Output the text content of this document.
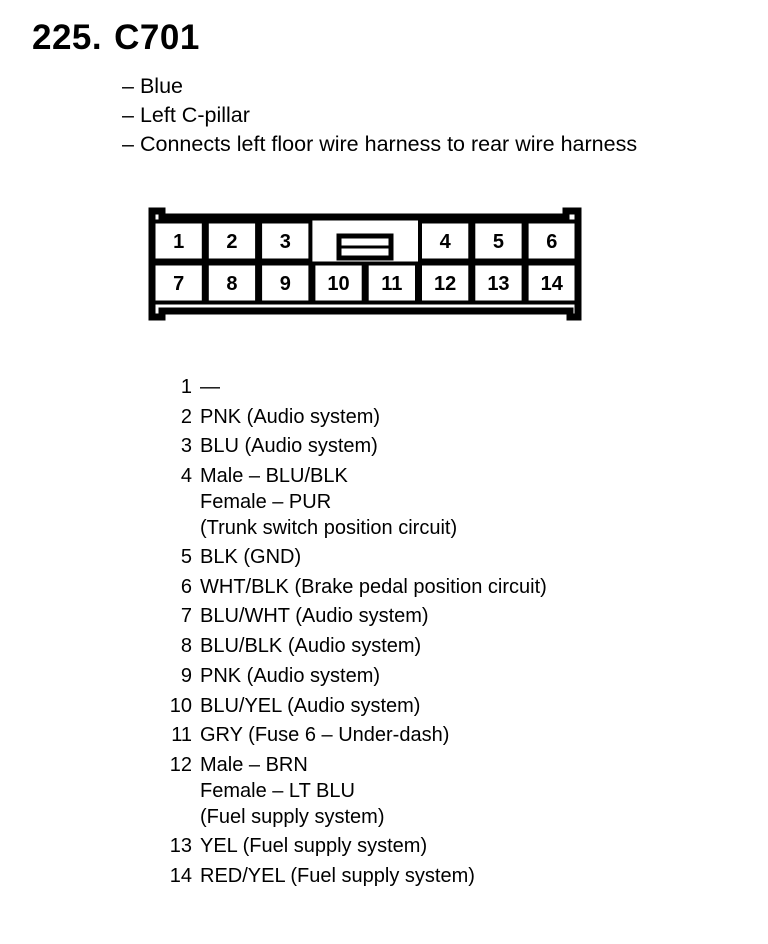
225. C701
– Blue
– Left C-pillar
– Connects left floor wire harness to rear wire harness
1 2 3	4 5 6
7 8 9 10 11 12 13 14
1 —
2 PNK (Audio system)
3 BLU (Audio system)
4 Male – BLU/BLK
Female – PUR
(Trunk switch position circuit)
5 BLK (GND)
6 WHT/BLK (Brake pedal position circuit)
7 BLU/WHT (Audio system)
8 BLU/BLK (Audio system)
9 PNK (Audio system)
10 BLU/YEL (Audio system)
11 GRY (Fuse 6 – Under-dash)
12 Male – BRN
Female – LT BLU
(Fuel supply system)
13 YEL (Fuel supply system)
14 RED/YEL (Fuel supply system)
